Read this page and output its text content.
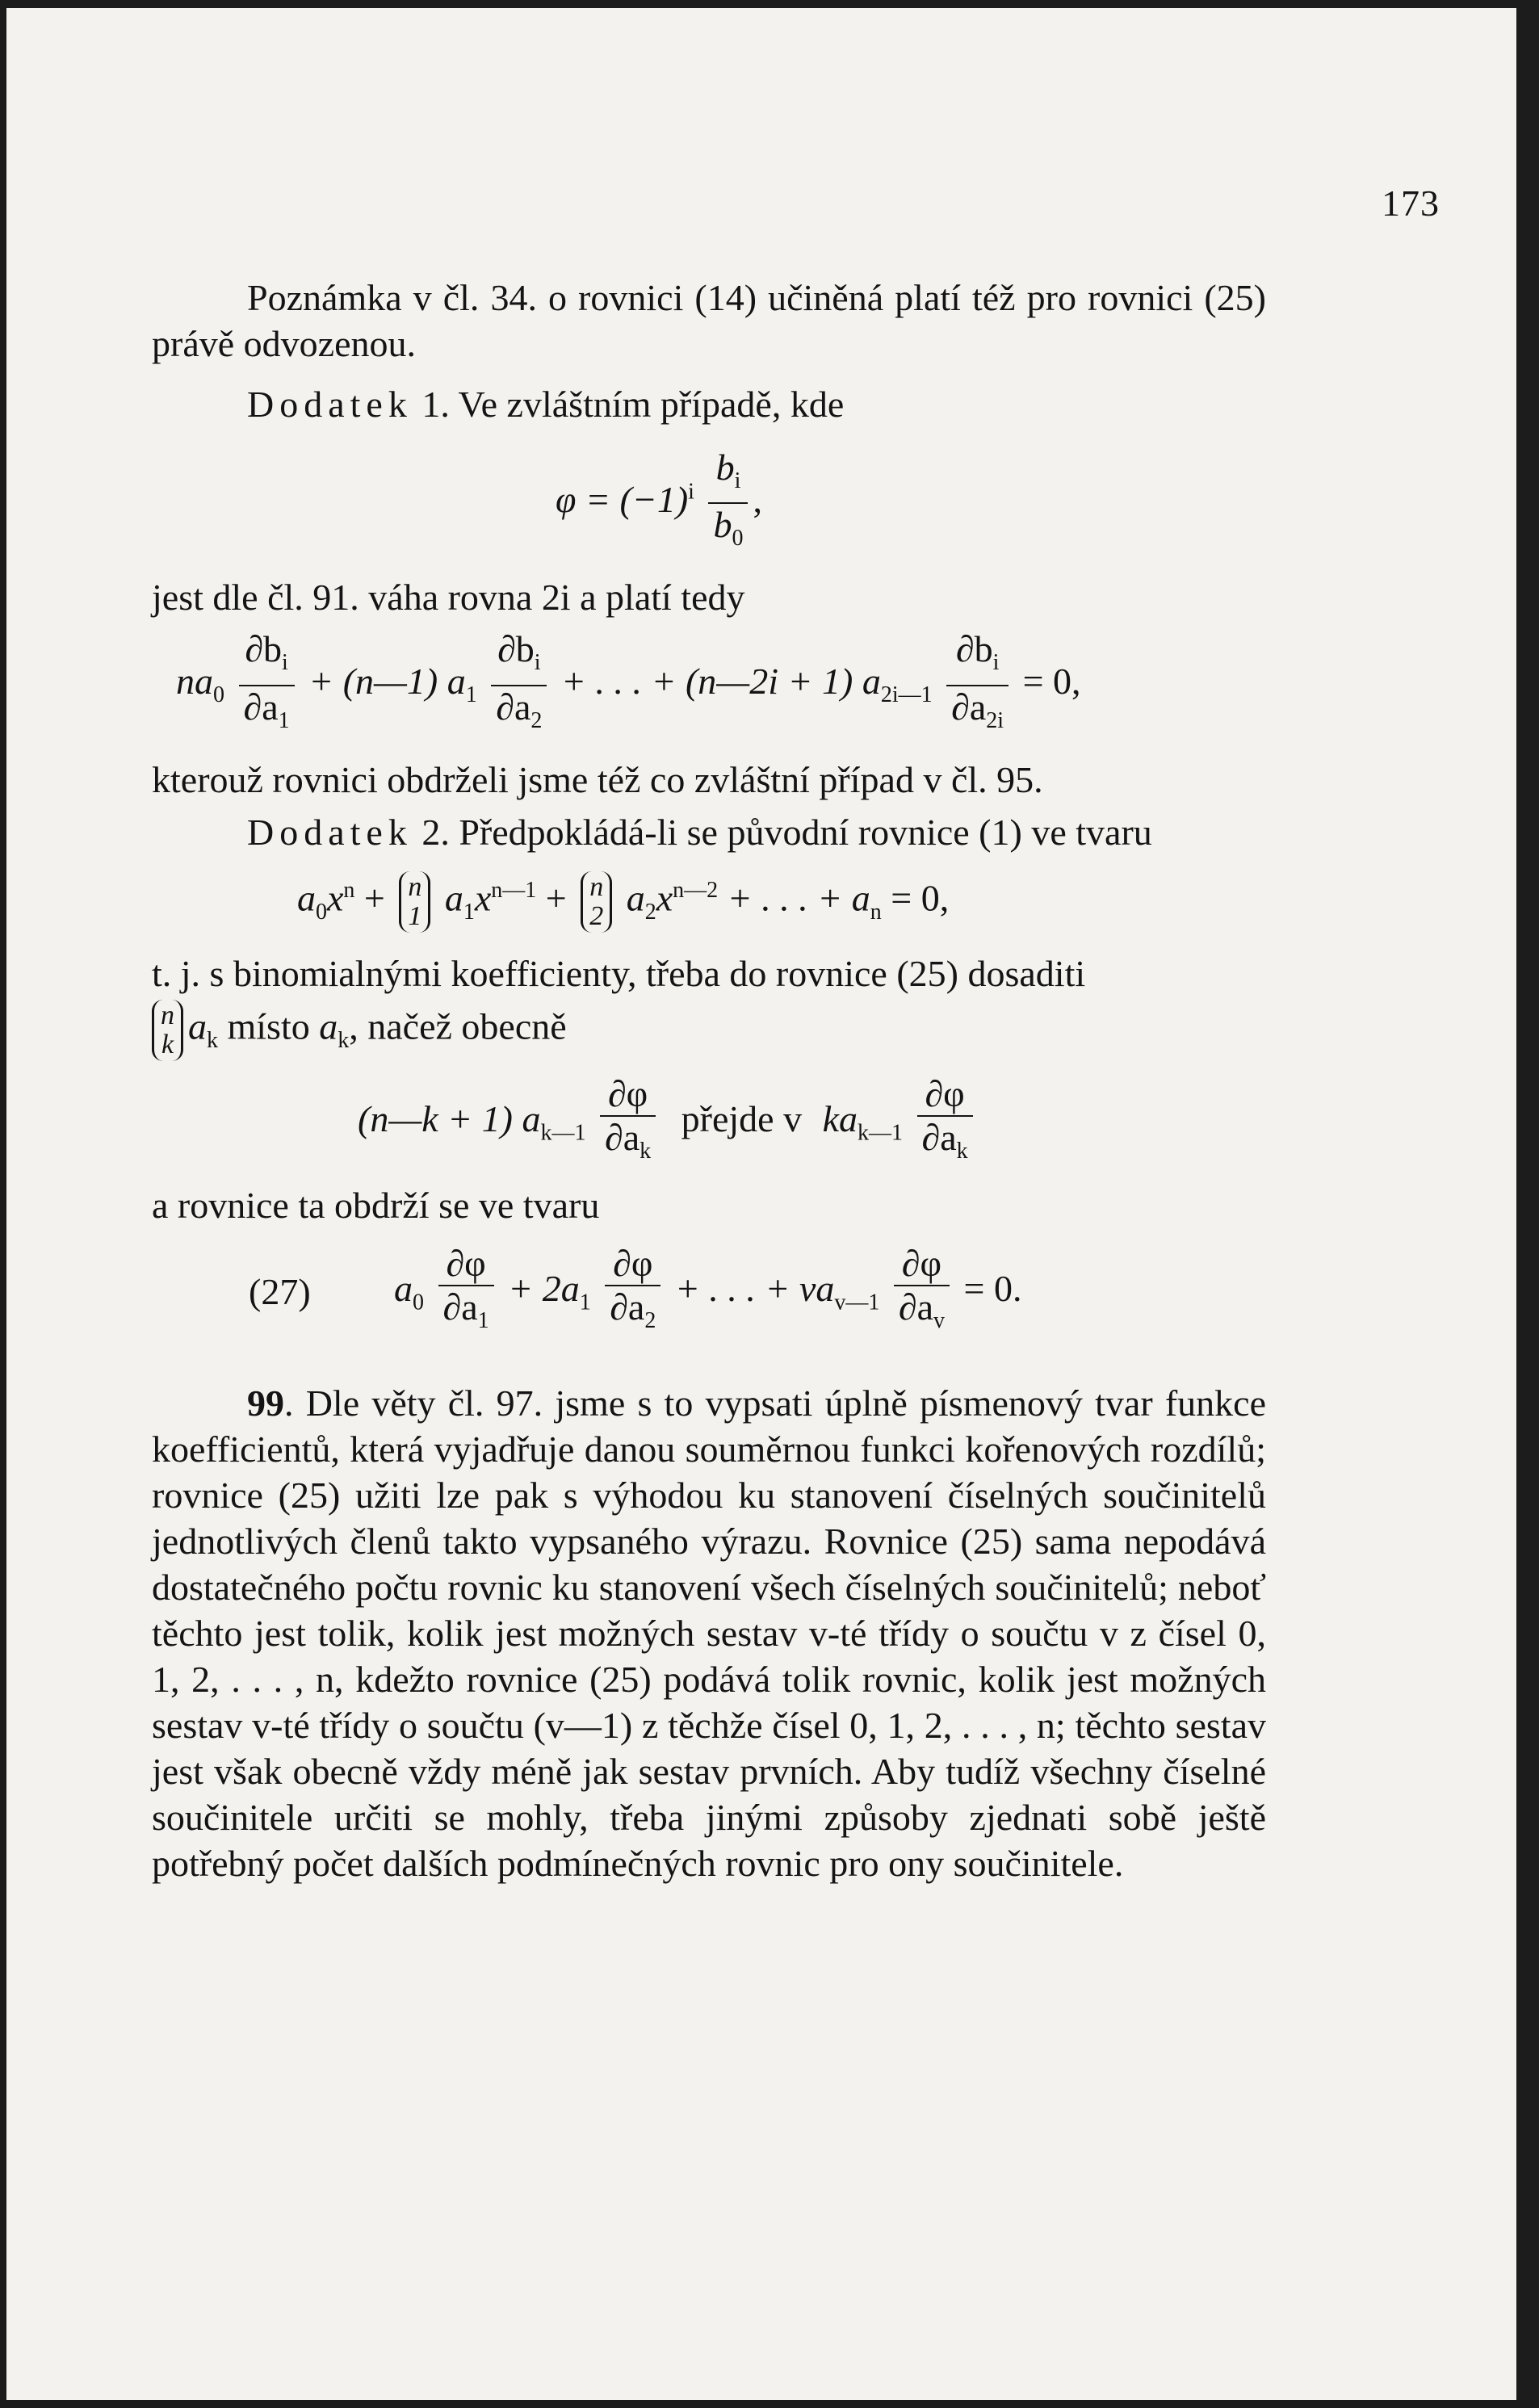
173

Poznámka v čl. 34. o rovnici (14) učiněná platí též pro rovnici (25) právě odvozenou.

Dodatek 1. Ve zvláštním případě, kde

$\varphi = (-1)^i \frac{b_i}{b_0}$ ,

jest dle čl. 91. váha rovna 2i a platí tedy

$na_0 \frac{\partial b_i}{\partial a_1}$ + (n—1) $a_1 \frac{\partial b_i}{\partial a_2}$ + . . . + (n—2i + 1) $a_{2i—1} \frac{\partial b_i}{\partial a_{2i}} = 0$,

kterouž rovnici obdrželi jsme též co zvláštní případ v čl. 95.

Dodatek 2. Předpokládá-li se původní rovnice (1) ve tvaru

$a_0x^n + n$
1 $a_1x^{n—1} + n$
2 $a_2x^{n—2}$ + . . . + $a_n = 0$,

t. j. s binomialnými koefficienty, třeba do rovnice (25) dosaditi

n
k $a_k$ místo $a_k$, načež obecně

(n—k + 1) $a_{k—1} \frac{\partial\varphi}{\partial a_k}$ přejde v $ka_{k—1} \frac{\partial\varphi}{\partial a_k}$

a rovnice ta obdrží se ve tvaru

(27) $a_0 \frac{\partial\varphi}{\partial a_1} + 2a_1 \frac{\partial\varphi}{\partial a_2}$ + . . . + $va_{v—1} \frac{\partial\varphi}{\partial a_v} = 0$.

99. Dle věty čl. 97. jsme s to vypsati úplně písmenový tvar funkce koefficientů, která vyjadřuje danou souměrnou funkci kořenových rozdílů; rovnice (25) užiti lze pak s výhodou ku stanovení číselných součinitelů jednotlivých členů takto vypsaného výrazu. Rovnice (25) sama nepodává dostatečného počtu rovnic ku stanovení všech číselných součinitelů; neboť těchto jest tolik, kolik jest možných sestav v-té třídy o součtu v z čísel 0, 1, 2, . . . , n, kdežto rovnice (25) podává tolik rovnic, kolik jest možných sestav v-té třídy o součtu (v—1) z těchže čísel 0, 1, 2, . . . , n; těchto sestav jest však obecně vždy méně jak sestav prvních. Aby tudíž všechny číselné součinitele určiti se mohly, třeba jinými způsoby zjednati sobě ještě potřebný počet dalších podmínečných rovnic pro ony součinitele.
